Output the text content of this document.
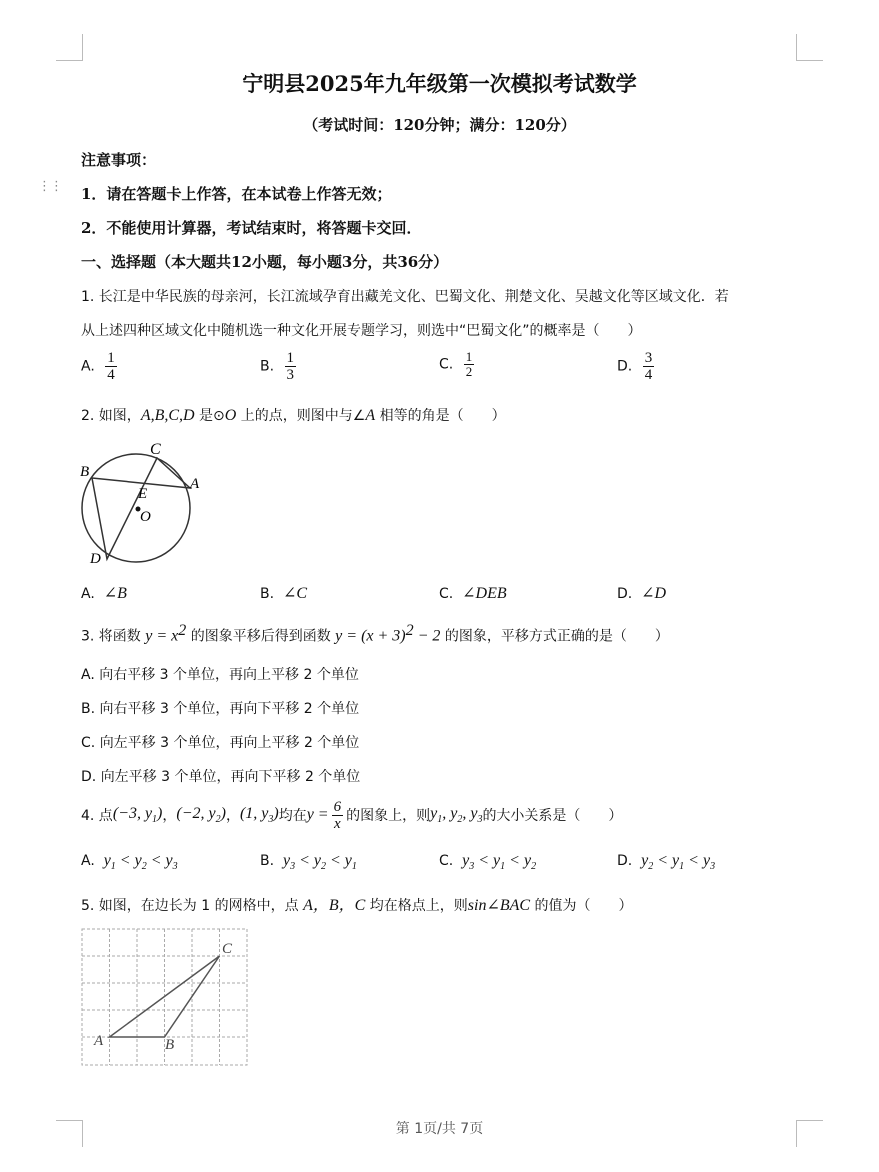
⋮⋮

宁明县2025年九年级第一次模拟考试数学
（考试时间：120分钟；满分：120分）
注意事项：
1．请在答题卡上作答，在本试卷上作答无效；
2．不能使用计算器，考试结束时，将答题卡交回．
一、选择题（本大题共12小题，每小题3分，共36分）
1. 长江是中华民族的母亲河，长江流域孕育出藏羌文化、巴蜀文化、荆楚文化、吴越文化等区域文化．若
从上述四种区域文化中随机选一种文化开展专题学习，则选中“巴蜀文化”的概率是（　　）
A. $\frac{1}{4}$	B. $\frac{1}{3}$	C. $\frac{1}{2}$	D. $\frac{3}{4}$
2. 如图，A,B,C,D 是⊙O 上的点，则图中与∠A 相等的角是（　　）
C
B
A
E
O
D
A. ∠B	B. ∠C	C. ∠DEB	D. ∠D
3. 将函数 $y = x^2$ 的图象平移后得到函数 $y = (x + 3)^2 - 2$ 的图象，平移方式正确的是（　　）
A. 向右平移 3 个单位，再向上平移 2 个单位
B. 向右平移 3 个单位，再向下平移 2 个单位
C. 向左平移 3 个单位，再向上平移 2 个单位
D. 向左平移 3 个单位，再向下平移 2 个单位
4. 点 (−3, $y_1$) ， (−2, $y_2$) ， (1, $y_3$) 均在 $y = \frac{6}{x}$ 的图象上，则 $y_1$, $y_2$, $y_3$ 的大小关系是（　　）
A. $y_1 < y_2 < y_3$	B. $y_3 < y_2 < y_1$	C. $y_3 < y_1 < y_2$	D. $y_2 < y_1 < y_3$
5. 如图，在边长为 1 的网格中，点 A，B，C 均在格点上，则sin∠BAC 的值为（　　）
A	B
C
第 1页/共 7页
